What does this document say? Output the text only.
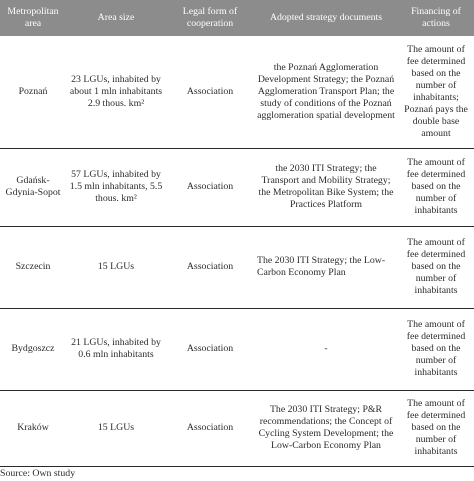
Metropolitan area	Area size	Legal form of cooperation	Adopted strategy documents	Financing of actions
Poznań	23 LGUs, inhabited by about 1 mln inhabitants 2.9 thous. km²	Association	the Poznań Agglomeration Development Strategy; the Poznań Agglomeration Transport Plan; the study of conditions of the Poznań agglomeration spatial development	The amount of fee determined based on the number of inhabitants; Poznań pays the double base amount
Gdańsk-Gdynia-Sopot	57 LGUs, inhabited by 1.5 mln inhabitants, 5.5 thous. km²	Association	the 2030 ITI Strategy; the Transport and Mobility Strategy; the Metropolitan Bike System; the Practices Platform	The amount of fee determined based on the number of inhabitants
Szczecin	15 LGUs	Association	The 2030 ITI Strategy; the Low-Carbon Economy Plan	The amount of fee determined based on the number of inhabitants
Bydgoszcz	21 LGUs, inhabited by 0.6 mln inhabitants	Association	-	The amount of fee determined based on the number of inhabitants
Kraków	15 LGUs	Association	The 2030 ITI Strategy; P&R recommendations; the Concept of Cycling System Development; the Low-Carbon Economy Plan	The amount of fee determined based on the number of inhabitants
Source: Own study
